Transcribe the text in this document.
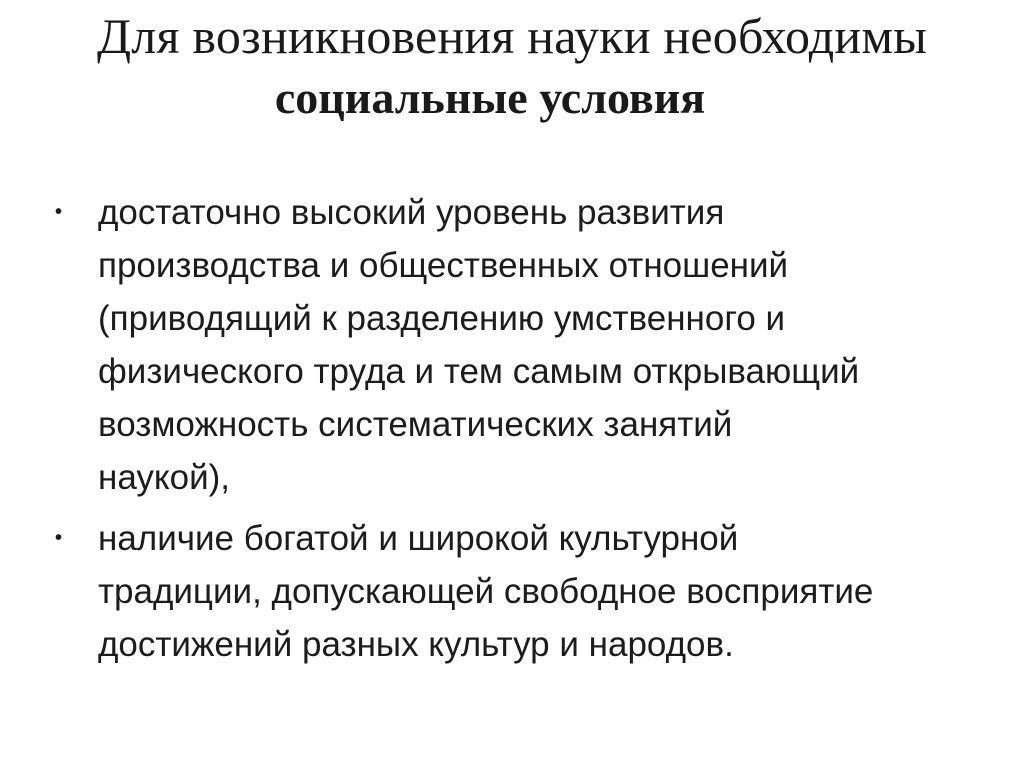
Для возникновения науки необходимы
социальные условия
• достаточно высокий уровень развития
производства и общественных отношений
(приводящий к разделению умственного и
физического труда и тем самым открывающий
возможность систематических занятий
наукой),
• наличие богатой и широкой культурной
традиции, допускающей свободное восприятие
достижений разных культур и народов.
